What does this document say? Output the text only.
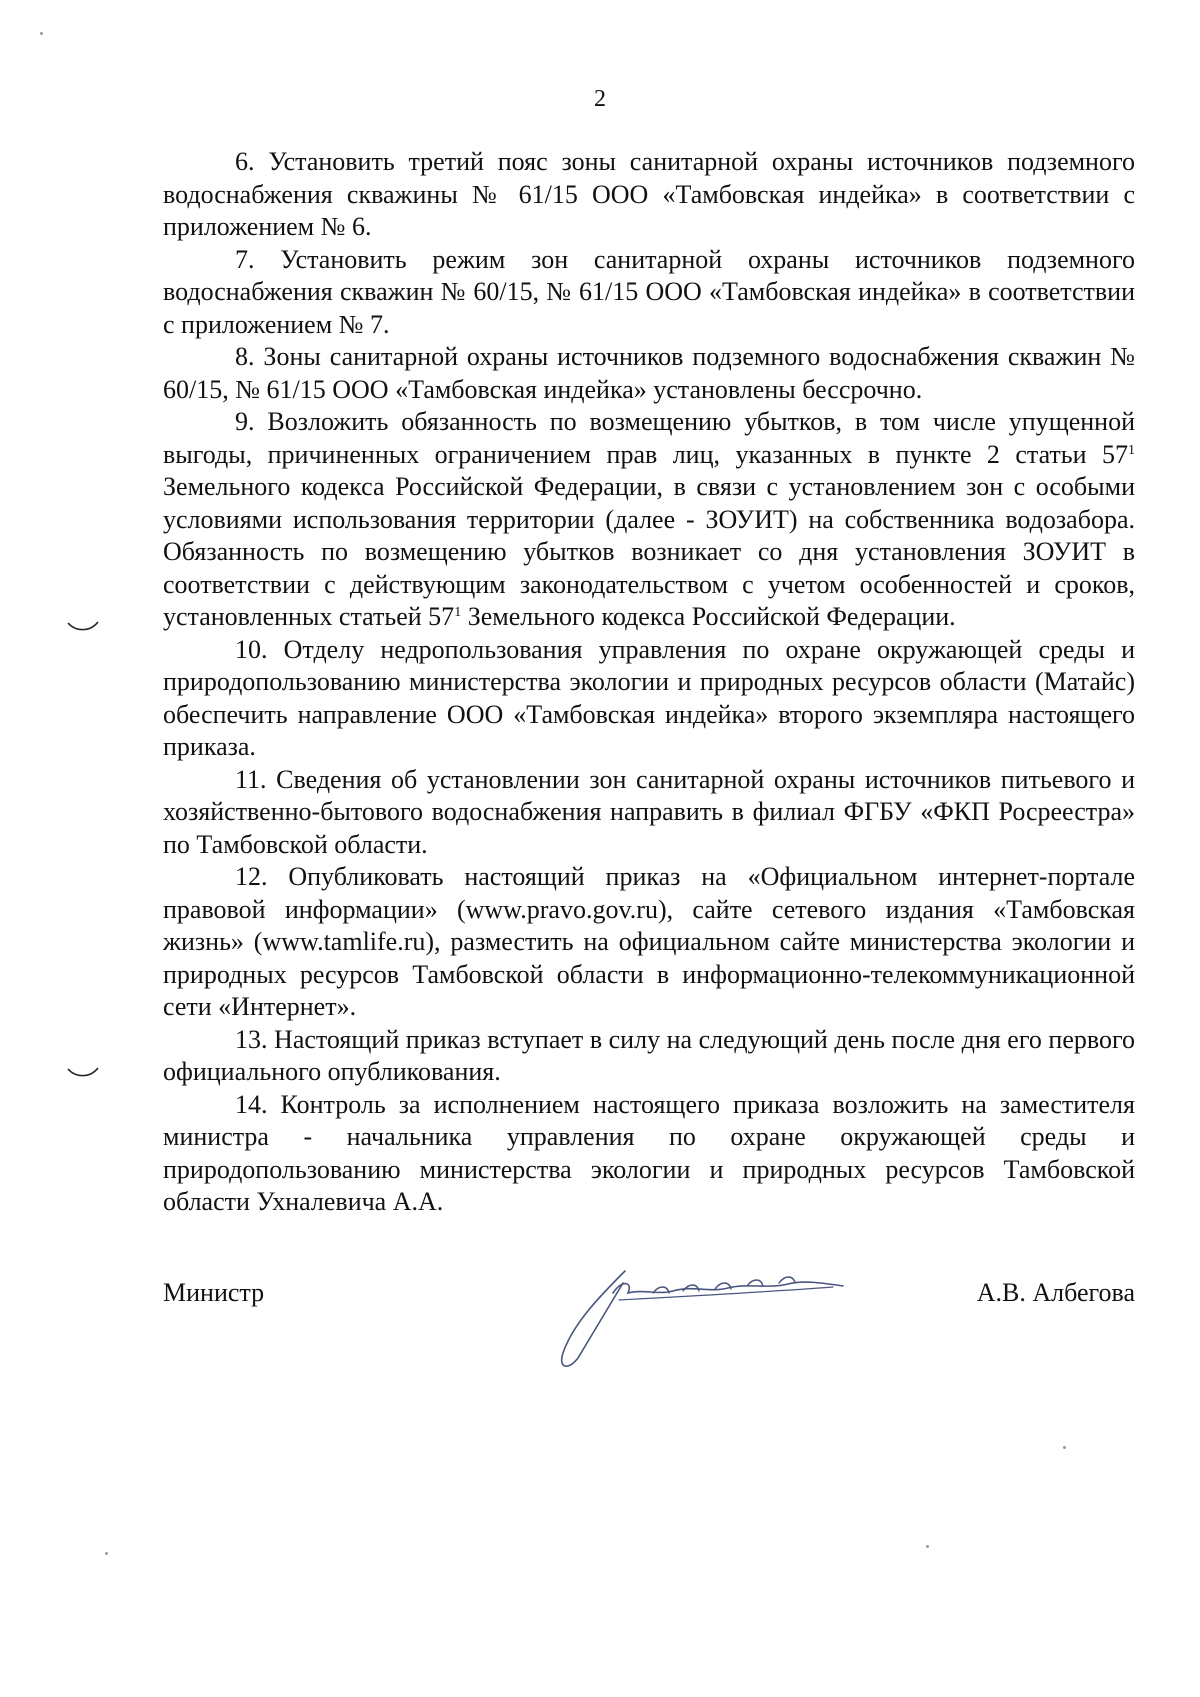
2

6. Установить третий пояс зоны санитарной охраны источников подземного водоснабжения скважины № 61/15 ООО «Тамбовская индейка» в соответствии с приложением № 6.

7. Установить режим зон санитарной охраны источников подземного водоснабжения скважин № 60/15, № 61/15 ООО «Тамбовская индейка» в соответствии с приложением № 7.

8. Зоны санитарной охраны источников подземного водоснабжения скважин № 60/15, № 61/15 ООО «Тамбовская индейка» установлены бессрочно.

9. Возложить обязанность по возмещению убытков, в том числе упущенной выгоды, причиненных ограничением прав лиц, указанных в пункте 2 статьи $57^1$ Земельного кодекса Российской Федерации, в связи с установлением зон с особыми условиями использования территории (далее - ЗОУИТ) на собственника водозабора. Обязанность по возмещению убытков возникает со дня установления ЗОУИТ в соответствии с действующим законодательством с учетом особенностей и сроков, установленных статьей $57^1$ Земельного кодекса Российской Федерации.

10. Отделу недропользования управления по охране окружающей среды и природопользованию министерства экологии и природных ресурсов области (Матайс) обеспечить направление ООО «Тамбовская индейка» второго экземпляра настоящего приказа.

11. Сведения об установлении зон санитарной охраны источников питьевого и хозяйственно-бытового водоснабжения направить в филиал ФГБУ «ФКП Росреестра» по Тамбовской области.

12. Опубликовать настоящий приказ на «Официальном интернет-портале правовой информации» (www.pravo.gov.ru), сайте сетевого издания «Тамбовская жизнь» (www.tamlife.ru), разместить на официальном сайте министерства экологии и природных ресурсов Тамбовской области в информационно-телекоммуникационной сети «Интернет».

13. Настоящий приказ вступает в силу на следующий день после дня его первого официального опубликования.

14. Контроль за исполнением настоящего приказа возложить на заместителя министра - начальника управления по охране окружающей среды и природопользованию министерства экологии и природных ресурсов Тамбовской области Ухналевича А.А.

Министр	А.В. Албегова
